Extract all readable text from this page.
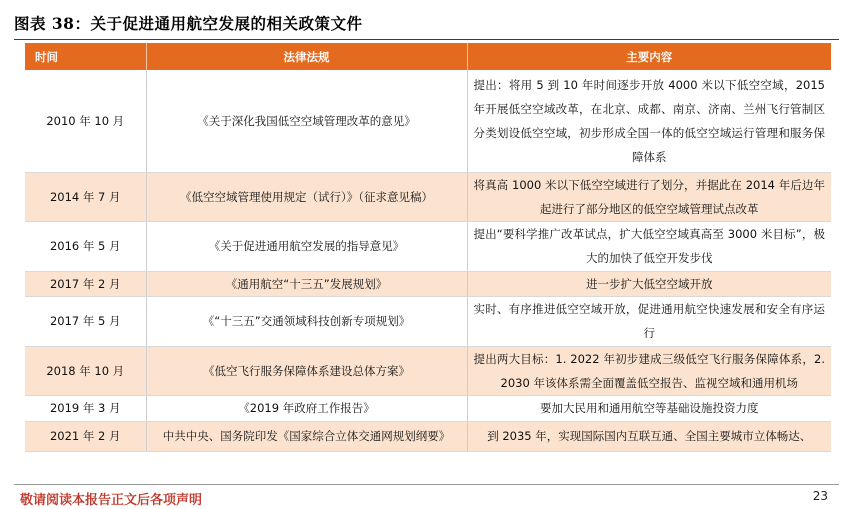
图表 38：关于促进通用航空发展的相关政策文件
时间	法律法规	主要内容
2010 年 10 月	《关于深化我国低空空域管理改革的意见》	提出：将用 5 到 10 年时间逐步开放 4000 米以下低空空域，2015 年开展低空空域改革，在北京、成都、南京、济南、兰州飞行管制区分类划设低空空域，初步形成全国一体的低空空域运行管理和服务保障体系
2014 年 7 月	《低空空域管理使用规定（试行）》（征求意见稿）	将真高 1000 米以下低空空域进行了划分，并据此在 2014 年后边年起进行了部分地区的低空空域管理试点改革
2016 年 5 月	《关于促进通用航空发展的指导意见》	提出“要科学推广改革试点，扩大低空空域真高至 3000 米目标”，极大的加快了低空开发步伐
2017 年 2 月	《通用航空“十三五”发展规划》	进一步扩大低空空域开放
2017 年 5 月	《“十三五”交通领域科技创新专项规划》	实时、有序推进低空空域开放，促进通用航空快速发展和安全有序运行
2018 年 10 月	《低空飞行服务保障体系建设总体方案》	提出两大目标：1. 2022 年初步建成三级低空飞行服务保障体系，2. 2030 年该体系需全面覆盖低空报告、监视空域和通用机场
2019 年 3 月	《2019 年政府工作报告》	要加大民用和通用航空等基础设施投资力度
2021 年 2 月	中共中央、国务院印发《国家综合立体交通网规划纲要》	到 2035 年，实现国际国内互联互通、全国主要城市立体畅达、
敬请阅读本报告正文后各项声明	23
